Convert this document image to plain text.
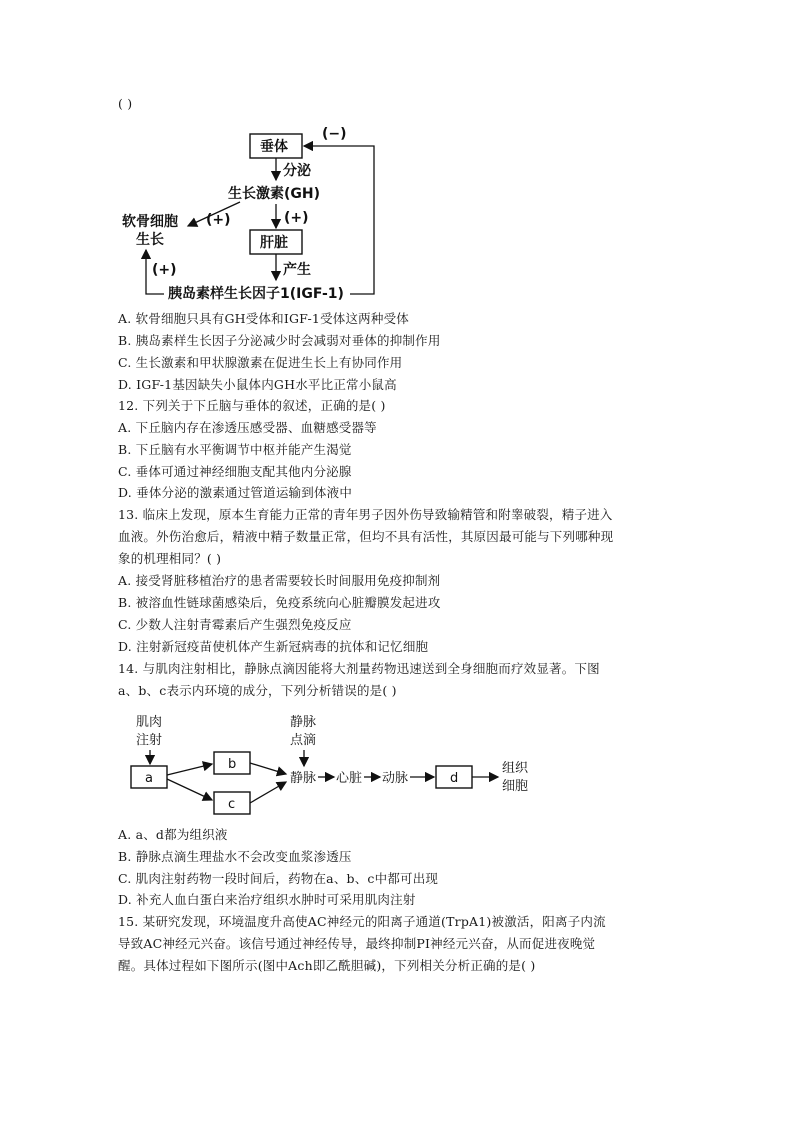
( )
垂体
(−)
分泌
生长激素(GH)
(+)	(+)
软骨细胞
生长	肝脏
产生
胰岛素样生长因子1(IGF-1)
(+)
A. 软骨细胞只具有GH受体和IGF-1受体这两种受体
B. 胰岛素样生长因子分泌减少时会减弱对垂体的抑制作用
C. 生长激素和甲状腺激素在促进生长上有协同作用
D. IGF-1基因缺失小鼠体内GH水平比正常小鼠高
12. 下列关于下丘脑与垂体的叙述，正确的是( )
A. 下丘脑内存在渗透压感受器、血糖感受器等
B. 下丘脑有水平衡调节中枢并能产生渴觉
C. 垂体可通过神经细胞支配其他内分泌腺
D. 垂体分泌的激素通过管道运输到体液中
13. 临床上发现，原本生育能力正常的青年男子因外伤导致输精管和附睾破裂，精子进入
血液。外伤治愈后，精液中精子数量正常，但均不具有活性，其原因最可能与下列哪种现
象的机理相同？( )
A. 接受肾脏移植治疗的患者需要较长时间服用免疫抑制剂
B. 被溶血性链球菌感染后，免疫系统向心脏瓣膜发起进攻
C. 少数人注射青霉素后产生强烈免疫反应
D. 注射新冠疫苗使机体产生新冠病毒的抗体和记忆细胞
14. 与肌肉注射相比，静脉点滴因能将大剂量药物迅速送到全身细胞而疗效显著。下图
a、b、c表示内环境的成分，下列分析错误的是( )
肌肉
注射
a
b
c
静脉
点滴
静脉 心脏 动脉	d
组织
细胞
A. a、d都为组织液
B. 静脉点滴生理盐水不会改变血浆渗透压
C. 肌肉注射药物一段时间后，药物在a、b、c中都可出现
D. 补充人血白蛋白来治疗组织水肿时可采用肌肉注射
15. 某研究发现，环境温度升高使AC神经元的阳离子通道(TrpA1)被激活，阳离子内流
导致AC神经元兴奋。该信号通过神经传导，最终抑制PI神经元兴奋，从而促进夜晚觉
醒。具体过程如下图所示(图中Ach即乙酰胆碱)，下列相关分析正确的是( )
